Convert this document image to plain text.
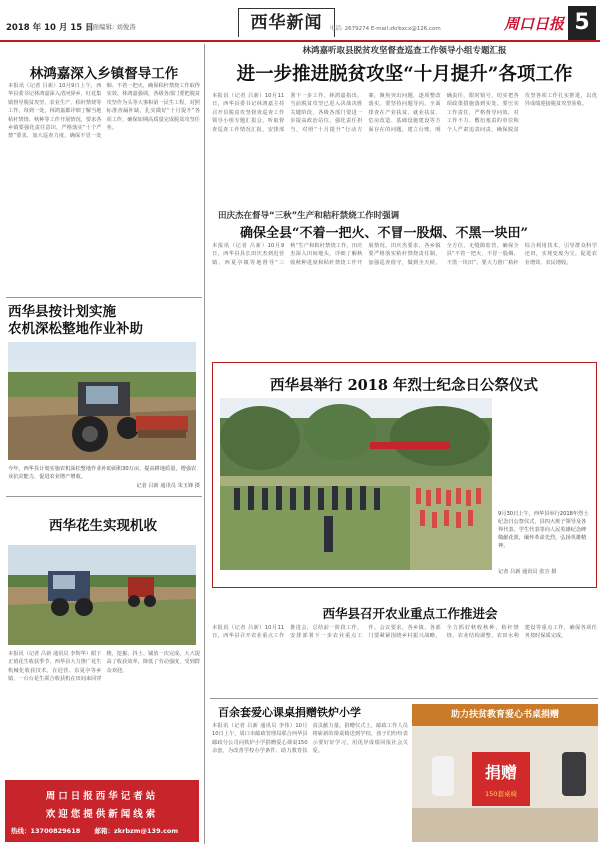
2018 年 10 月 15 日
版面编辑: 刘俊涛	西华新闻	电话: 2679274 E-mail:zkrbxcx@126.com	周口日报 5
林鸿嘉深入乡镇督导工作
本报讯（记者 吕新）10月9日上午，西华县委书记林鸿嘉深入清河驿乡、红花集镇督导脱贫攻坚、农业生产、秸秆禁烧等工作。每到一处，林鸿嘉都详细了解当地秸秆禁烧、秋种等工作开展情况，要求各乡镇要强化责任意识，严格落实“十个严禁”要求，加大巡查力度，确保不冒一处烟、不着一把火，确保秸秆禁烧工作取得实效。林鸿嘉强调，各级各部门要把脱贫攻坚作为头等大事和第一民生工程，对照标准查漏补缺，扎实做好“十月提升”各项工作，确保如期高质量完成脱贫攻坚任务。
西华县按计划实施
农机深松整地作业补助
今年，西华县计划实施农机深松整地作业补助面积30万亩，提高耕地质量，增强农业抗灾能力，促进农业增产增收。
记者 吕新 通讯员 朱玉锋 摄
西华花生实现机收
本报讯（记者 吕新 通讯员 李辉华）眼下正值花生收获季节，西华县大力推广花生机械化收获技术，在迟营、东夏亭等乡镇，一台台花生联合收获机在田间来回穿梭，挖掘、抖土、铺放一次完成，大大提高了收获效率，降低了劳动强度，受到群众欢迎。
周口日报西华记者站
欢迎您提供新闻线索
热线：13700829618 邮箱：zkrbzm@139.com
林鸿嘉听取县脱贫攻坚督查巡查工作领导小组专题汇报
进一步推进脱贫攻坚“十月提升”各项工作
本报讯（记者 吕新）10月11日，西华县委书记林鸿嘉主持召开县脱贫攻坚督查巡查工作领导小组专题汇报会，听取督查巡查工作情况汇报，安排部署下一步工作。林鸿嘉指出，当前脱贫攻坚已进入决战决胜关键阶段，各级各部门要进一步提高政治站位，强化责任担当，对照“十月提升”行动方案，聚焦突出问题，逐项整改落实。要坚持问题导向，全面排查在产业扶贫、就业扶贫、危房改造、基础设施建设等方面存在的问题，建立台账，明确责任，限时销号，切实把各项政策措施落到实处。要压实工作责任，严格督导问效，对工作不力、敷衍塞责的单位和个人严肃追责问责，确保脱贫攻坚各项工作扎实推进，以优异成绩迎接脱贫攻坚验收。
田庆杰在督导“三秋”生产和秸秆禁烧工作时强调
确保全县“不着一把火、不冒一股烟、不黑一块田”
本报讯（记者 吕新）10月9日，西华县县长田庆杰到迟营镇、西夏亭镇等地督导“三秋”生产和秸秆禁烧工作。田庆杰深入田间地头，详细了解秋收秋种进度和秸秆禁烧工作开展情况。田庆杰要求，各乡镇要严格落实秸秆禁烧责任制，加强巡查值守，做到全天候、全方位、无缝隙监管，确保全县“不着一把火、不冒一股烟、不黑一块田”。要大力推广秸秆综合利用技术，引导群众科学还田，实现变废为宝，促进农业增效、农民增收。
西华县举行 2018 年烈士纪念日公祭仪式
9月30日上午，西华县举行2018年烈士纪念日公祭仪式，县四大班子领导及各界代表、学生代表等向人民英雄纪念碑敬献花篮，缅怀革命先烈，弘扬英雄精神。
记者 吕新 通讯员 张宣 摄
西华县召开农业重点工作推进会
本报讯（记者 吕新）10月11日，西华县召开农业重点工作推进会，总结前一阶段工作，安排部署下一步农业重点工作。会议要求，各乡镇、各部门要紧紧围绕乡村振兴战略，全力抓好秋收秋种、秸秆禁烧、农业结构调整、农田水利建设等重点工作，确保各项任务按时保质完成。
百余套爱心课桌捐赠铁炉小学
本报讯（记者 吕新 通讯员 李伟）10月10日上午，周口市邮政管理局联合西华县邮政分公司向铁炉小学捐赠爱心课桌150余套，为改善学校办学条件、助力教育扶贫贡献力量。捐赠仪式上，邮政工作人员将崭新的课桌椅送到学校，孩子们纷纷表示要好好学习，用优异成绩回报社会关爱。
助力扶贫教育爱心书桌捐赠
捐赠
150套桌椅
